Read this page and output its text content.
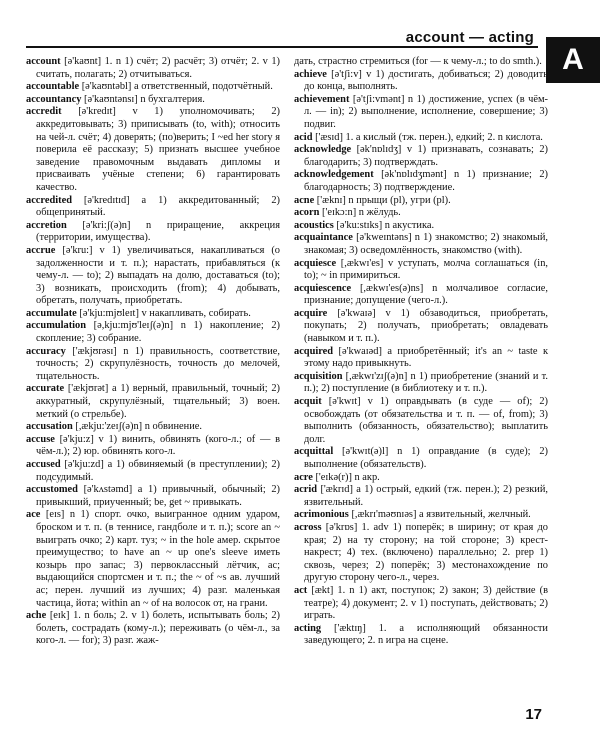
account — acting
A
account [ə'kaʊnt] 1. n 1) счёт; 2) расчёт; 3) отчёт; 2. v 1) считать, полагать; 2) отчитываться.
accountable [ə'kaʊntəbl] a ответственный, подотчётный.
accountancy [ə'kaʊntənsɪ] n бухгалтерия.
accredit [ə'kredɪt] v 1) уполномочивать; 2) аккредитовывать; 3) приписывать (to, with); относить на чей-л. счёт; 4) доверять; (по)верить; I ~ed her story я поверила её рассказу; 5) признать высшее учебное заведение правомочным выдавать дипломы и присваивать учёные степени; 6) гарантировать качество.
accredited [ə'kredɪtɪd] a 1) аккредитованный; 2) общепринятый.
accretion [ə'kri:ʃ(ə)n] n приращение, аккреция (территории, имущества).
accrue [ə'kru:] v 1) увеличиваться, накапливаться (о задолженности и т. п.); нарастать, прибавляться (к чему-л. — to); 2) выпадать на долю, доставаться (to); 3) возникать, происходить (from); 4) добывать, обретать, получать, приобретать.
accumulate [ə'kju:mjʊleɪt] v накапливать, собирать.
accumulation [ə,kju:mjʊ'leɪʃ(ə)n] n 1) накопление; 2) скопление; 3) собрание.
accuracy ['ækjʊrəsɪ] n 1) правильность, соответствие, точность; 2) скрупулёзность, точность до мелочей, тщательность.
accurate ['ækjʊrət] a 1) верный, правильный, точный; 2) аккуратный, скрупулёзный, тщательный; 3) воен. меткий (о стрельбе).
accusation [,ækju:'zeɪʃ(ə)n] n обвинение.
accuse [ə'kju:z] v 1) винить, обвинять (кого-л.; of — в чём-л.); 2) юр. обвинять кого-л.
accused [ə'kju:zd] a 1) обвиняемый (в преступлении); 2) подсудимый.
accustomed [ə'kʌstəmd] a 1) привычный, обычный; 2) привыкший, приученный; be, get ~ привыкать.
ace [eɪs] n 1) спорт. очко, выигранное одним ударом, броском и т. п. (в теннисе, гандболе и т. п.); score an ~ выиграть очко; 2) карт. туз; ~ in the hole амер. скрытое преимущество; to have an ~ up one's sleeve иметь козырь про запас; 3) первоклассный лётчик, ас; выдающийся спортсмен и т. п.; the ~ of ~s ав. лучший ас; перен. лучший из лучших; 4) разг. маленькая частица, йота; within an ~ of на волосок от, на грани.
ache [eɪk] 1. n боль; 2. v 1) болеть, испытывать боль; 2) болеть, сострадать (кому-л.); переживать (о чём-л., за кого-л. — for); 3) разг. жаж-
дать, страстно стремиться (for — к чему-л.; to do smth.).
achieve [ə'tʃi:v] v 1) достигать, добиваться; 2) доводить до конца, выполнять.
achievement [ə'tʃi:vmənt] n 1) достижение, успех (в чём-л. — in); 2) выполнение, исполнение, совершение; 3) подвиг.
acid ['æsɪd] 1. a кислый (тж. перен.), едкий; 2. n кислота.
acknowledge [ək'nɒlɪdʒ] v 1) признавать, сознавать; 2) благодарить; 3) подтверждать.
acknowledgement [ək'nɒlɪdʒmənt] n 1) признание; 2) благодарность; 3) подтверждение.
acne ['æknɪ] n прыщи (pl), угри (pl).
acorn ['eɪkɔ:n] n жёлудь.
acoustics [ə'ku:stɪks] n акустика.
acquaintance [ə'kweɪntəns] n 1) знакомство; 2) знакомый, знакомая; 3) осведомлённость, знакомство (with).
acquiesce [,ækwɪ'es] v уступать, молча соглашаться (in, to); ~ in примириться.
acquiescence [,ækwɪ'es(ə)ns] n молчаливое согласие, признание; допущение (чего-л.).
acquire [ə'kwaɪə] v 1) обзаводиться, приобретать, покупать; 2) получать, приобретать; овладевать (навыком и т. п.).
acquired [ə'kwaɪəd] a приобретённый; it's an ~ taste к этому надо привыкнуть.
acquisition [,ækwɪ'zɪʃ(ə)n] n 1) приобретение (знаний и т. п.); 2) поступление (в библиотеку и т. п.).
acquit [ə'kwɪt] v 1) оправдывать (в суде — of); 2) освобождать (от обязательства и т. п. — of, from); 3) выполнить (обязанность, обязательство); выплатить долг.
acquittal [ə'kwɪt(ə)l] n 1) оправдание (в суде); 2) выполнение (обязательств).
acre ['eɪkə(r)] n акр.
acrid ['ækrɪd] a 1) острый, едкий (тж. перен.); 2) резкий, язвительный.
acrimonious [,ækrɪ'məʊnɪəs] a язвительный, желчный.
across [ə'krɒs] 1. adv 1) поперёк; в ширину; от края до края; 2) на ту сторону; на той стороне; 3) крест-накрест; 4) тех. (включено) параллельно; 2. prep 1) сквозь, через; 2) поперёк; 3) местонахождение по другую сторону чего-л., через.
act [ækt] 1. n 1) акт, поступок; 2) закон; 3) действие (в театре); 4) документ; 2. v 1) поступать, действовать; 2) играть.
acting ['æktɪŋ] 1. a исполняющий обязанности заведующего; 2. n игра на сцене.
17
